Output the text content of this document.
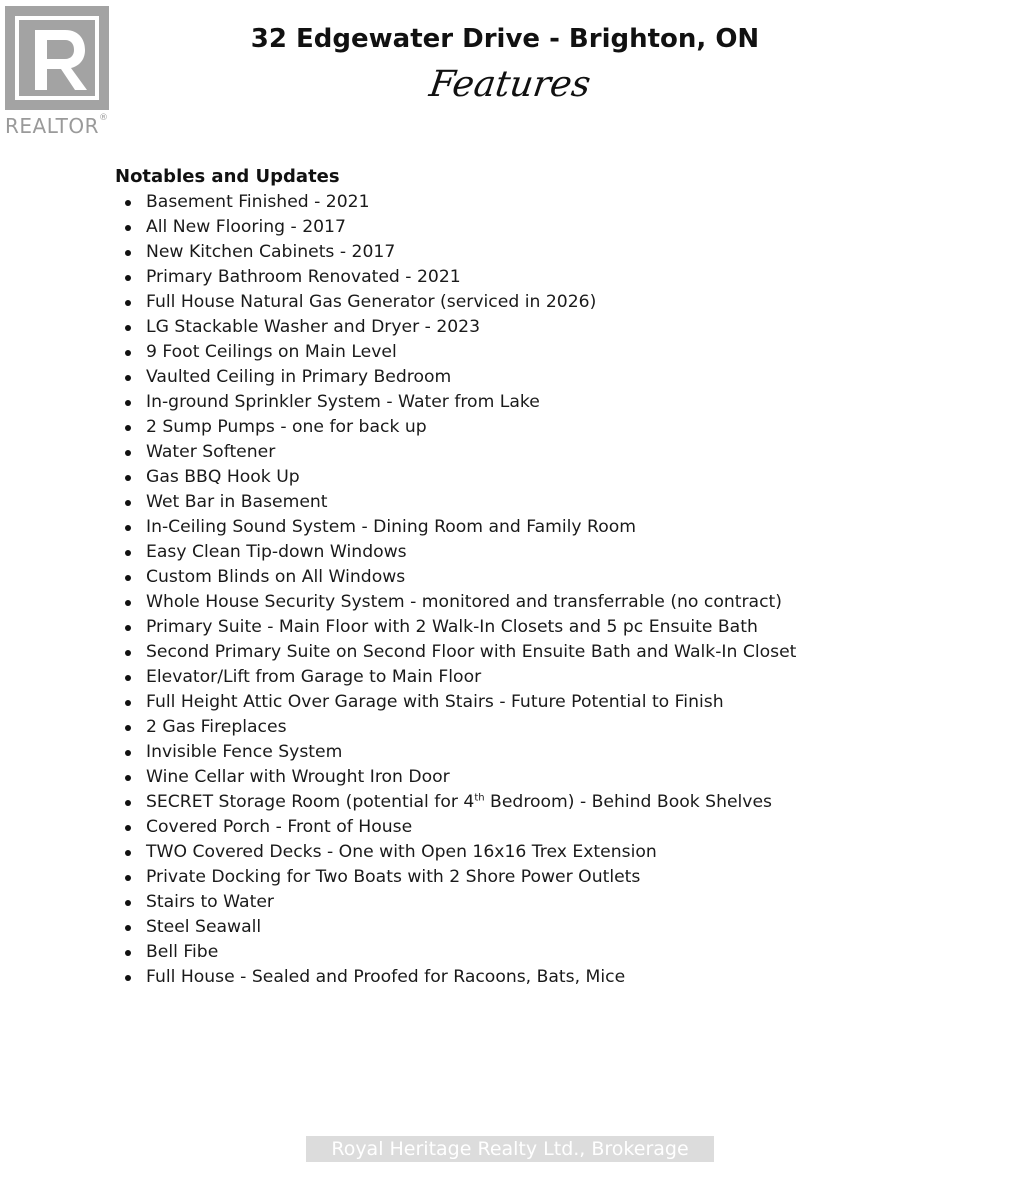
REALTOR®
32 Edgewater Drive - Brighton, ON
Features
Notables and Updates
Basement Finished - 2021
All New Flooring - 2017
New Kitchen Cabinets - 2017
Primary Bathroom Renovated - 2021
Full House Natural Gas Generator (serviced in 2026)
LG Stackable Washer and Dryer - 2023
9 Foot Ceilings on Main Level
Vaulted Ceiling in Primary Bedroom
In-ground Sprinkler System - Water from Lake
2 Sump Pumps - one for back up
Water Softener
Gas BBQ Hook Up
Wet Bar in Basement
In-Ceiling Sound System - Dining Room and Family Room
Easy Clean Tip-down Windows
Custom Blinds on All Windows
Whole House Security System - monitored and transferrable (no contract)
Primary Suite - Main Floor with 2 Walk-In Closets and 5 pc Ensuite Bath
Second Primary Suite on Second Floor with Ensuite Bath and Walk-In Closet
Elevator/Lift from Garage to Main Floor
Full Height Attic Over Garage with Stairs - Future Potential to Finish
2 Gas Fireplaces
Invisible Fence System
Wine Cellar with Wrought Iron Door
SECRET Storage Room (potential for 4th Bedroom) - Behind Book Shelves
Covered Porch - Front of House
TWO Covered Decks - One with Open 16x16 Trex Extension
Private Docking for Two Boats with 2 Shore Power Outlets
Stairs to Water
Steel Seawall
Bell Fibe
Full House - Sealed and Proofed for Racoons, Bats, Mice
Royal Heritage Realty Ltd., Brokerage
